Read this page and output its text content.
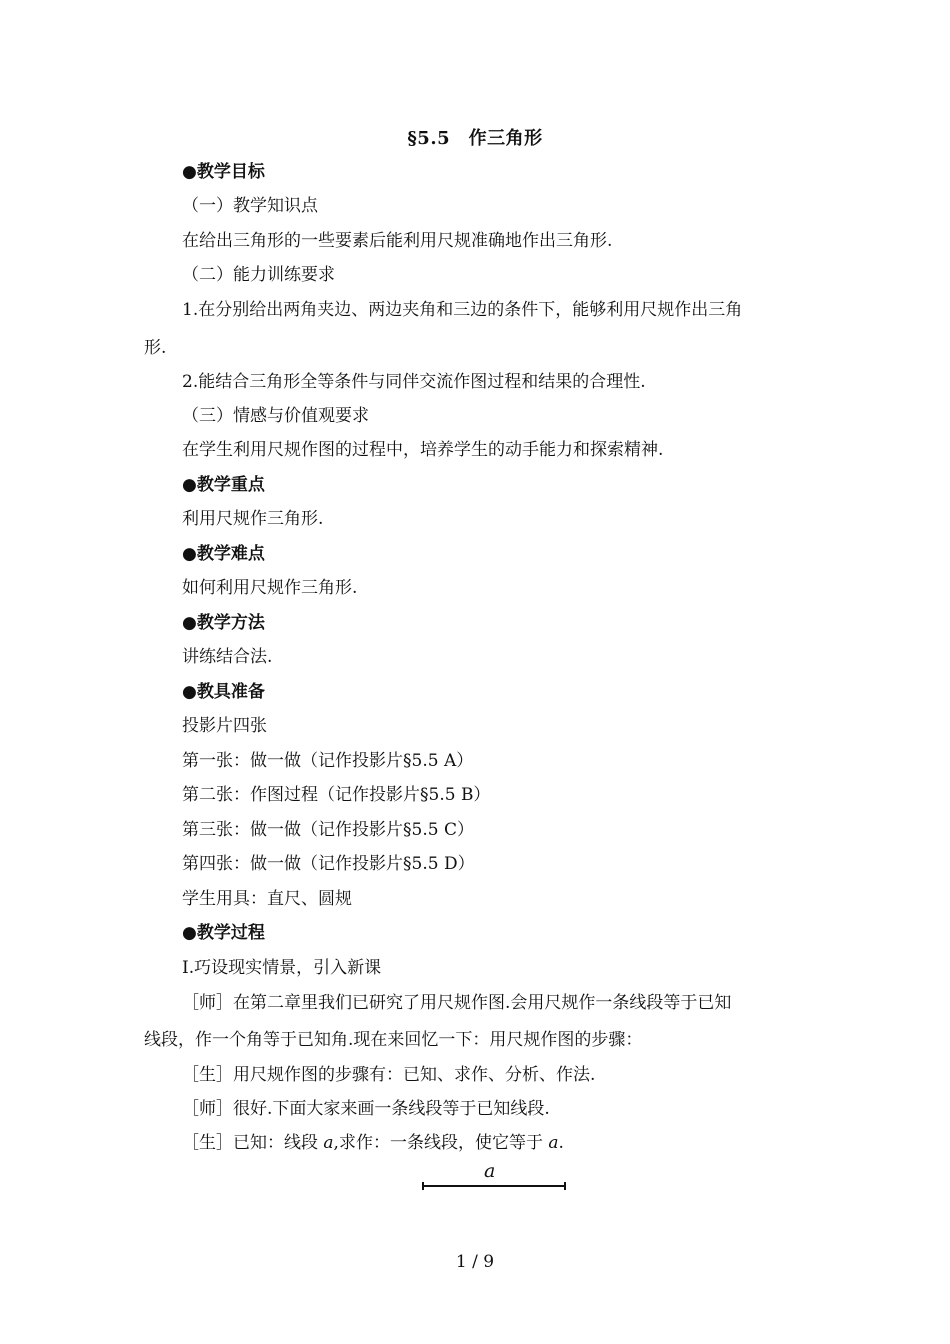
§5.5　作三角形
●教学目标
（一）教学知识点
在给出三角形的一些要素后能利用尺规准确地作出三角形.
（二）能力训练要求
1.在分别给出两角夹边、两边夹角和三边的条件下，能够利用尺规作出三角
形.
2.能结合三角形全等条件与同伴交流作图过程和结果的合理性.
（三）情感与价值观要求
在学生利用尺规作图的过程中，培养学生的动手能力和探索精神.
●教学重点
利用尺规作三角形.
●教学难点
如何利用尺规作三角形.
●教学方法
讲练结合法.
●教具准备
投影片四张
第一张：做一做（记作投影片§5.5 A）
第二张：作图过程（记作投影片§5.5 B）
第三张：做一做（记作投影片§5.5 C）
第四张：做一做（记作投影片§5.5 D）
学生用具：直尺、圆规
●教学过程
Ⅰ.巧设现实情景，引入新课
［师］在第二章里我们已研究了用尺规作图.会用尺规作一条线段等于已知
线段，作一个角等于已知角.现在来回忆一下：用尺规作图的步骤：
［生］用尺规作图的步骤有：已知、求作、分析、作法.
［师］很好.下面大家来画一条线段等于已知线段.
［生］已知：线段 a,求作：一条线段，使它等于 a.
a
1 / 9
